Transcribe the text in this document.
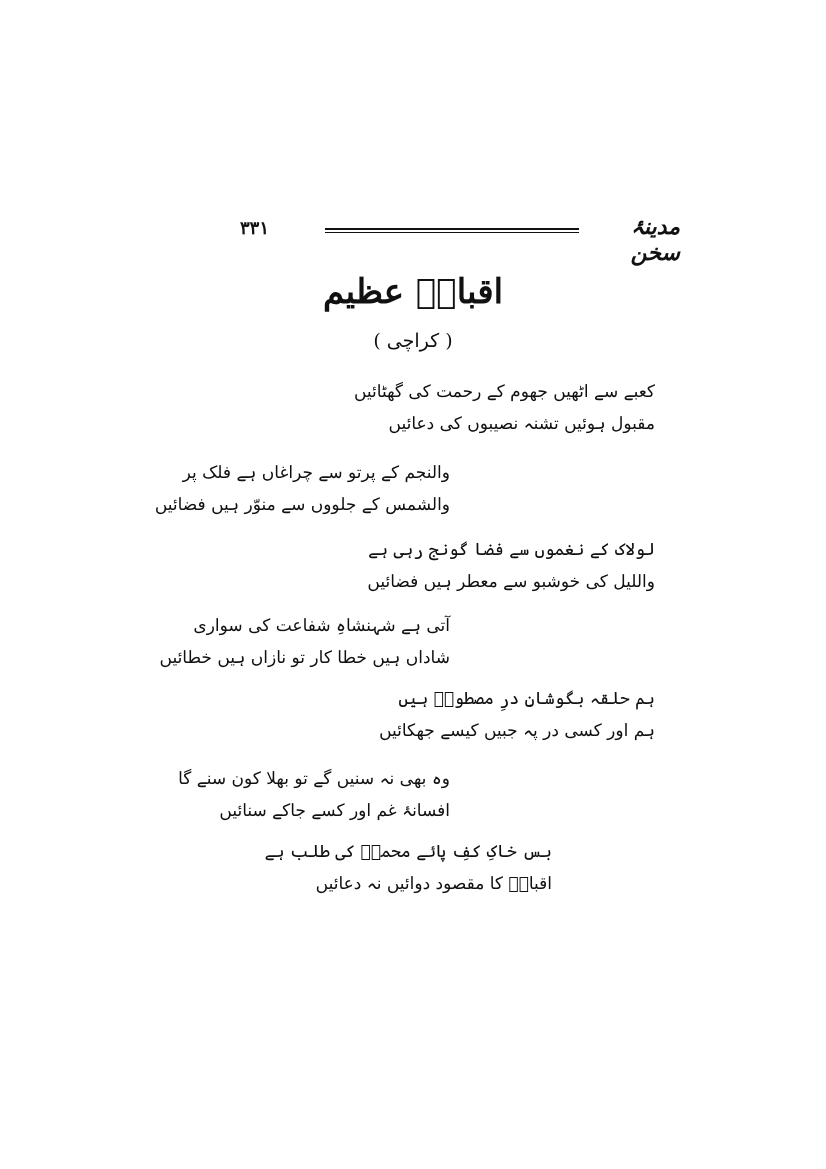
۳۳۱	مدینۂ سخن
اقبالؔ عظیم
( کراچی )
کعبے سے اٹھیں جھوم کے رحمت کی گھٹائیں
مقبول ہوئیں تشنہ نصیبوں کی دعائیں
والنجم کے پرتو سے چراغاں ہے فلک پر
والشمس کے جلووں سے منوّر ہیں فضائیں
لولاک کے نغموں سے فضا گونج رہی ہے
واللیل کی خوشبو سے معطر ہیں فضائیں
آتی ہے شہنشاہِ شفاعت کی سواری
شاداں ہیں خطا کار تو نازاں ہیں خطائیں
ہم حلقہ بگوشانِ درِ مصطویؐ ہیں
ہم اور کسی در پہ جبیں کیسے جھکائیں
وہ بھی نہ سنیں گے تو بھلا کون سنے گا
افسانۂ غم اور کسے جاکے سنائیں
بس خاکِ کفِ پائے محمدؐ کی طلب ہے
اقبالؔ کا مقصود دوائیں نہ دعائیں
